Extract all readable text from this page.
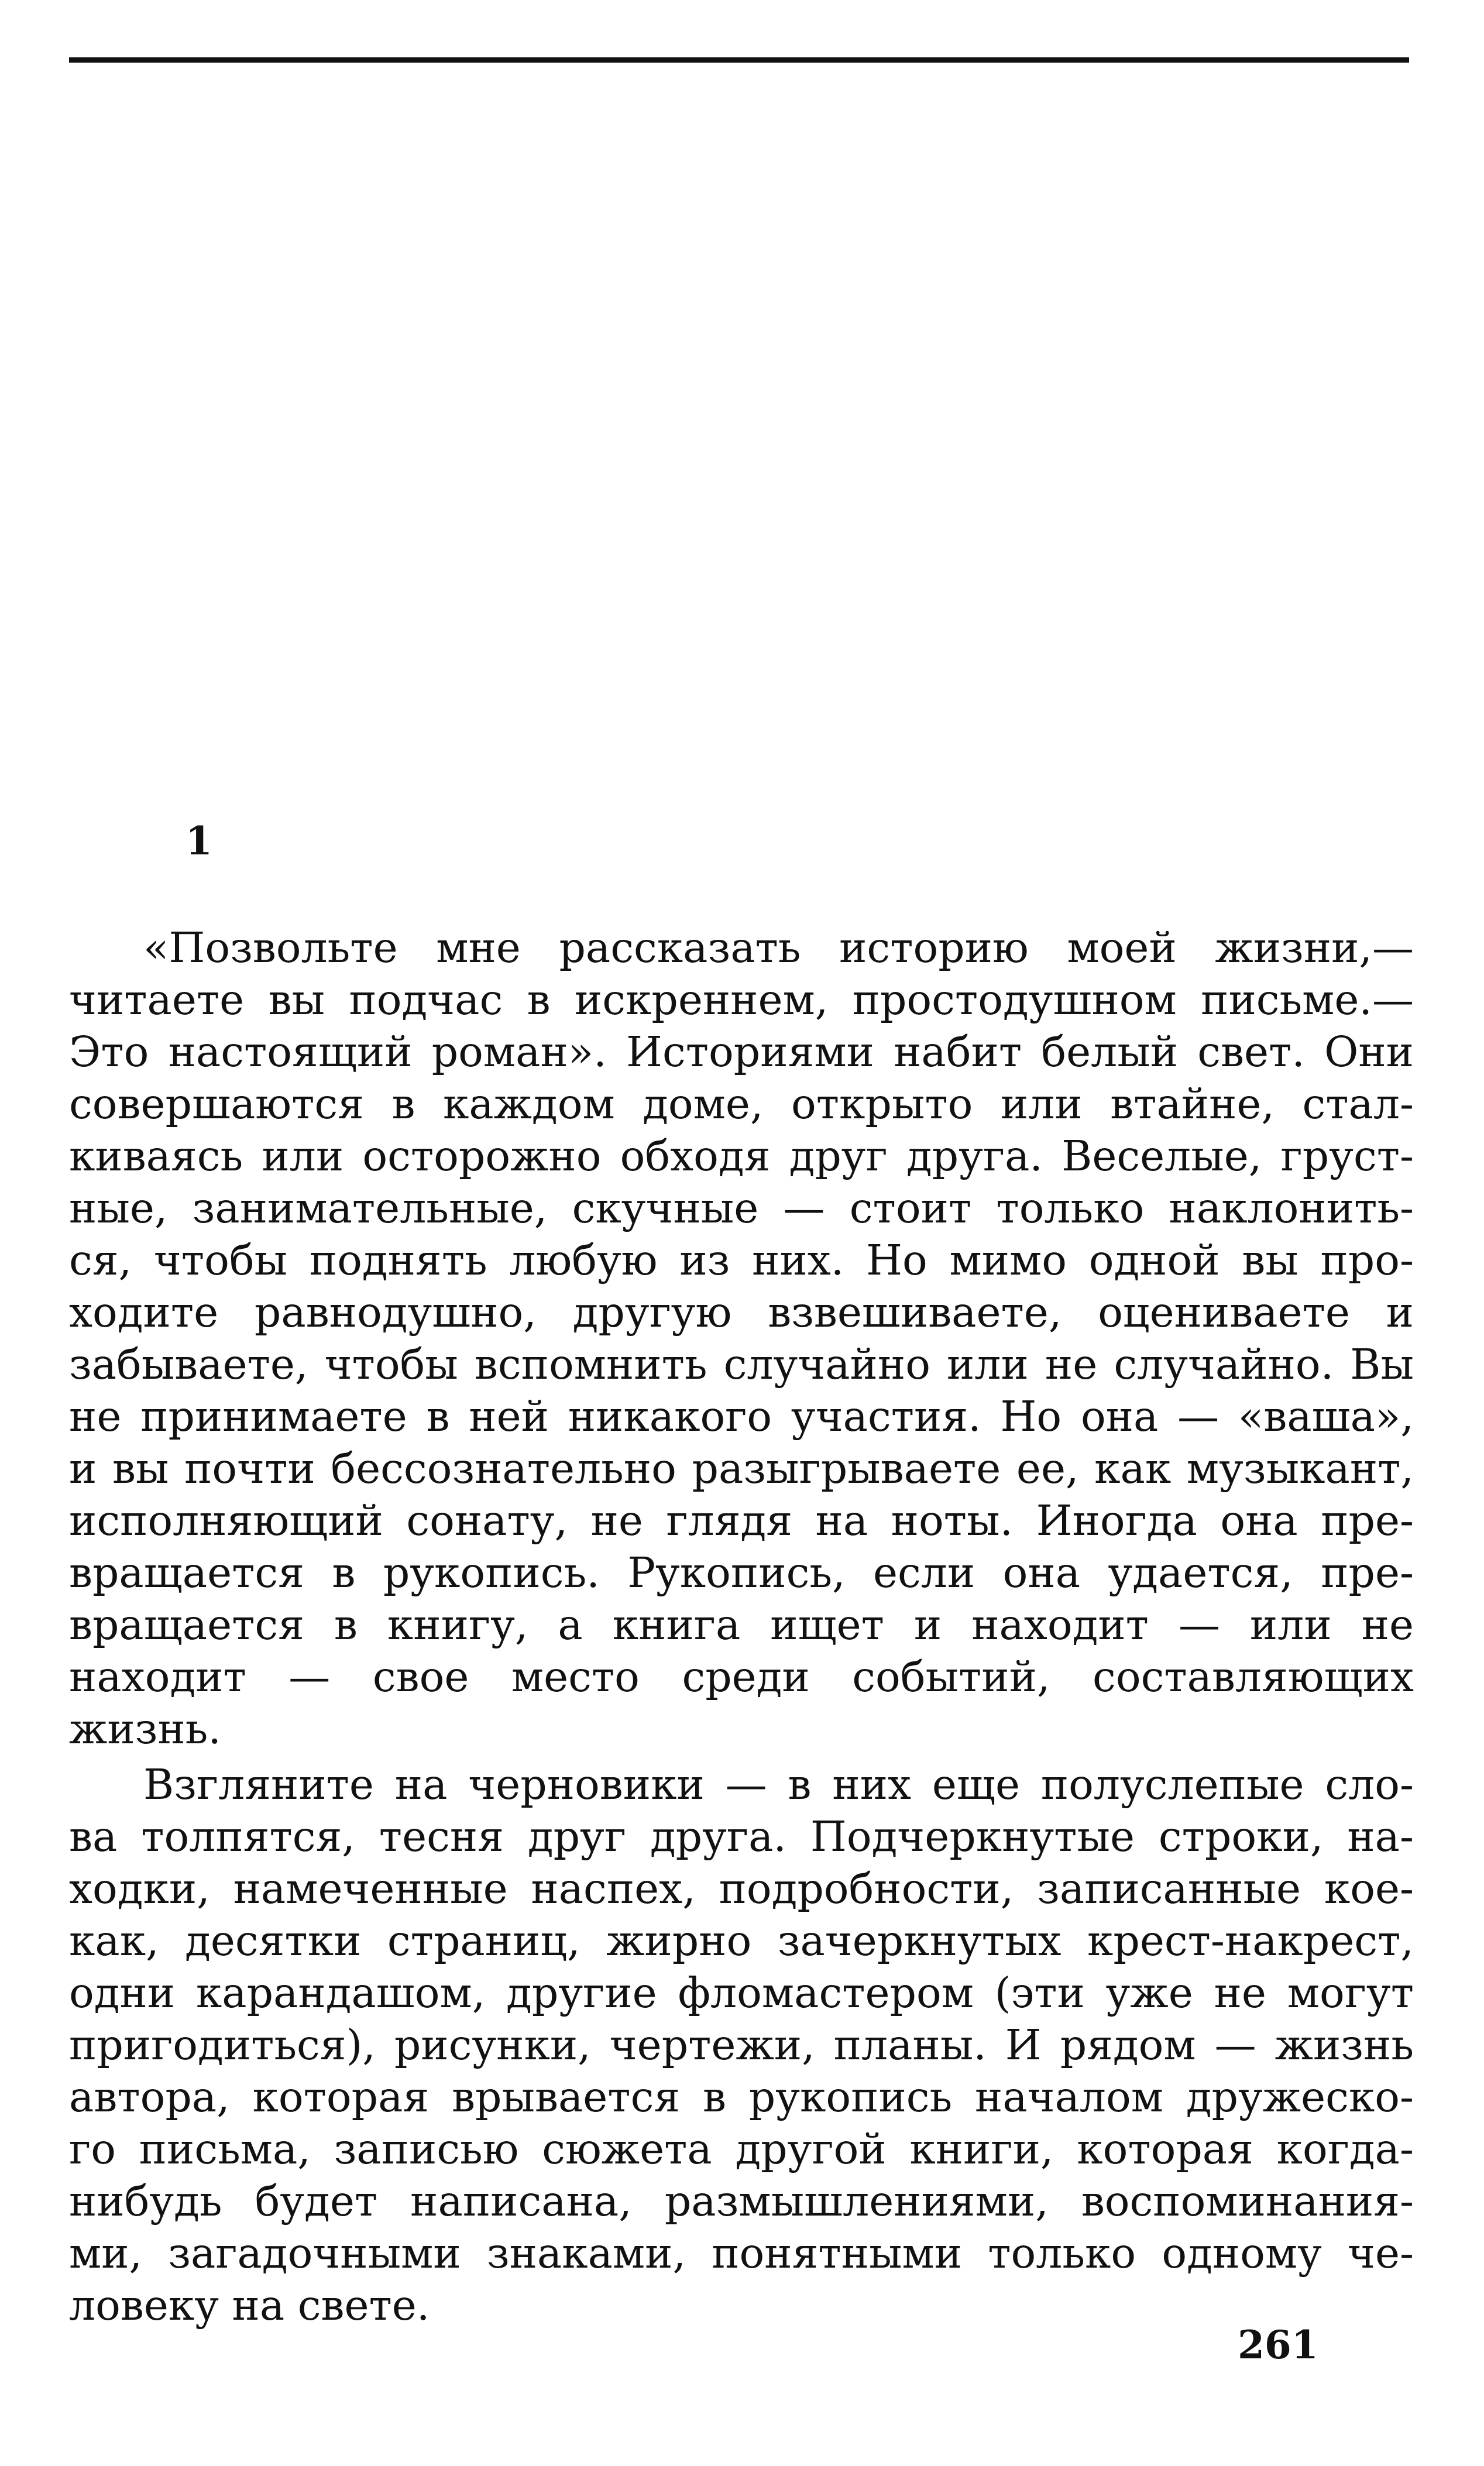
1
«Позвольте мне рассказать историю моей жизни,—
читаете вы подчас в искреннем, простодушном письме.—
Это настоящий роман». Историями набит белый свет. Они
совершаются в каждом доме, открыто или втайне, стал-
киваясь или осторожно обходя друг друга. Веселые, груст-
ные, занимательные, скучные — стоит только наклонить-
ся, чтобы поднять любую из них. Но мимо одной вы про-
ходите равнодушно, другую взвешиваете, оцениваете и
забываете, чтобы вспомнить случайно или не случайно. Вы
не принимаете в ней никакого участия. Но она — «ваша»,
и вы почти бессознательно разыгрываете ее, как музыкант,
исполняющий сонату, не глядя на ноты. Иногда она пре-
вращается в рукопись. Рукопись, если она удается, пре-
вращается в книгу, а книга ищет и находит — или не
находит — свое место среди событий, составляющих
жизнь.
Взгляните на черновики — в них еще полуслепые сло-
ва толпятся, тесня друг друга. Подчеркнутые строки, на-
ходки, намеченные наспех, подробности, записанные кое-
как, десятки страниц, жирно зачеркнутых крест-накрест,
одни карандашом, другие фломастером (эти уже не могут
пригодиться), рисунки, чертежи, планы. И рядом — жизнь
автора, которая врывается в рукопись началом дружеско-
го письма, записью сюжета другой книги, которая когда-
нибудь будет написана, размышлениями, воспоминания-
ми, загадочными знаками, понятными только одному че-
ловеку на свете.
261
